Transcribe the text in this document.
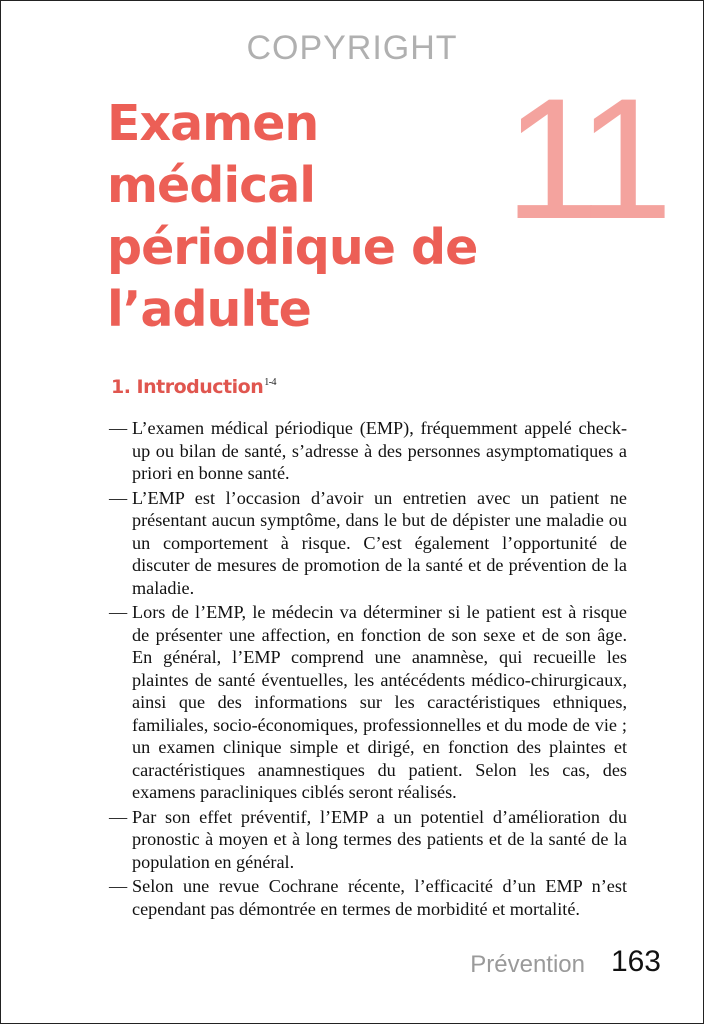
COPYRIGHT
Examen médical périodique de l’adulte
11
1. Introduction$^{1-4}$
— L’examen médical périodique (EMP), fréquemment appelé check-up ou bilan de santé, s’adresse à des personnes asymptomatiques a priori en bonne santé.
— L’EMP est l’occasion d’avoir un entretien avec un patient ne présentant aucun symptôme, dans le but de dépister une maladie ou un comportement à risque. C’est également l’opportunité de discuter de mesures de promotion de la santé et de prévention de la maladie.
— Lors de l’EMP, le médecin va déterminer si le patient est à risque de présenter une affection, en fonction de son sexe et de son âge. En général, l’EMP comprend une anamnèse, qui recueille les plaintes de santé éventuelles, les antécédents médico-chirurgicaux, ainsi que des informations sur les caractéristiques ethniques, familiales, socio-économiques, professionnelles et du mode de vie ; un examen clinique simple et dirigé, en fonction des plaintes et caractéristiques anamnestiques du patient. Selon les cas, des examens paracliniques ciblés seront réalisés.
— Par son effet préventif, l’EMP a un potentiel d’amélioration du pronostic à moyen et à long termes des patients et de la santé de la population en général.
— Selon une revue Cochrane récente, l’efficacité d’un EMP n’est cependant pas démontrée en termes de morbidité et mortalité.
Prévention 163
